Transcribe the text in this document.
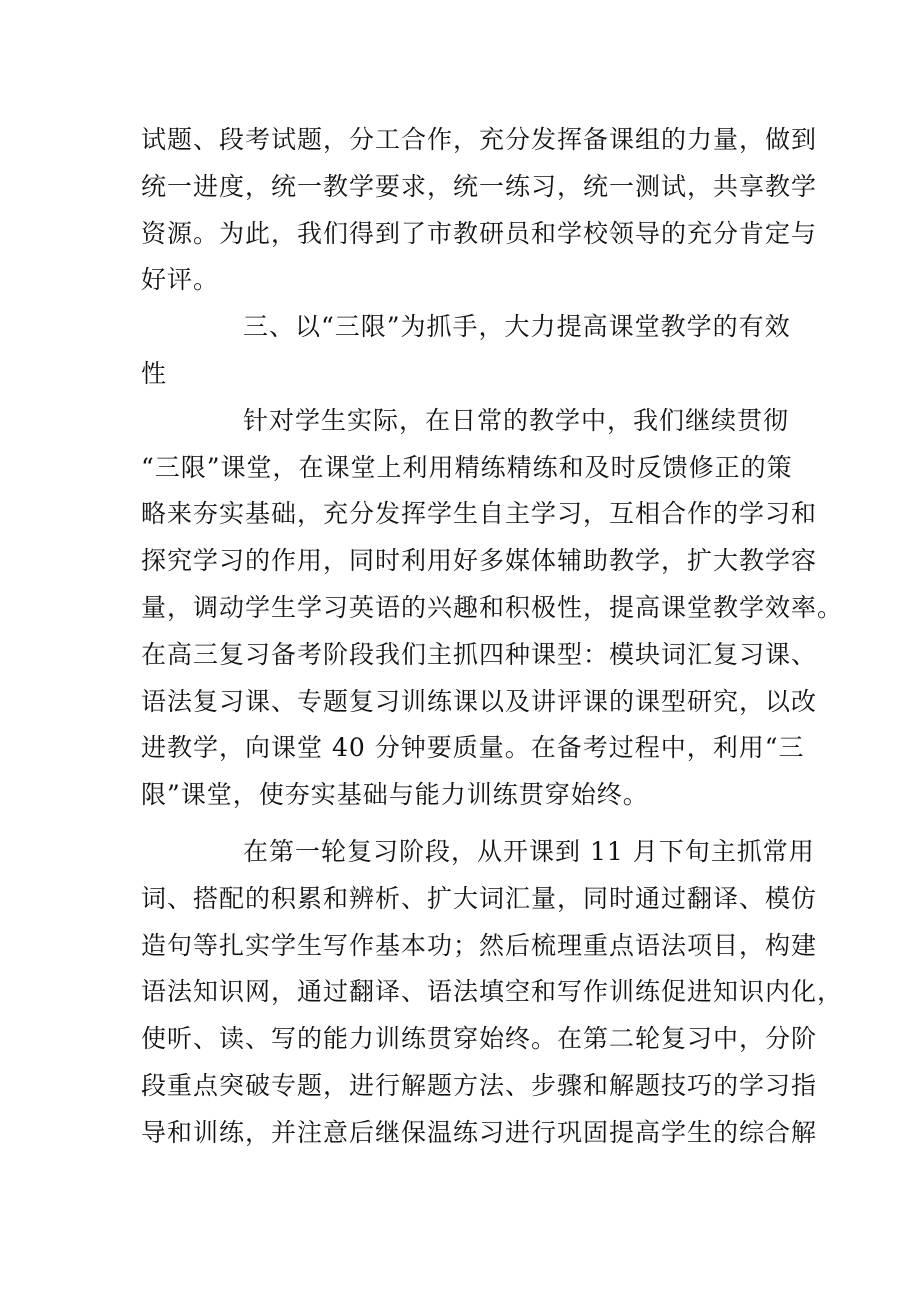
试题、段考试题，分工合作，充分发挥备课组的力量，做到
统一进度，统一教学要求，统一练习，统一测试，共享教学
资源。为此，我们得到了市教研员和学校领导的充分肯定与
好评。
三、以“三限”为抓手，大力提高课堂教学的有效
性
针对学生实际，在日常的教学中，我们继续贯彻
“三限”课堂，在课堂上利用精练精练和及时反馈修正的策
略来夯实基础，充分发挥学生自主学习，互相合作的学习和
探究学习的作用，同时利用好多媒体辅助教学，扩大教学容
量，调动学生学习英语的兴趣和积极性，提高课堂教学效率。
在高三复习备考阶段我们主抓四种课型：模块词汇复习课、
语法复习课、专题复习训练课以及讲评课的课型研究，以改
进教学，向课堂 40 分钟要质量。在备考过程中，利用“三
限”课堂，使夯实基础与能力训练贯穿始终。
在第一轮复习阶段，从开课到 11 月下旬主抓常用
词、搭配的积累和辨析、扩大词汇量，同时通过翻译、模仿
造句等扎实学生写作基本功；然后梳理重点语法项目，构建
语法知识网，通过翻译、语法填空和写作训练促进知识内化，
使听、读、写的能力训练贯穿始终。在第二轮复习中，分阶
段重点突破专题，进行解题方法、步骤和解题技巧的学习指
导和训练，并注意后继保温练习进行巩固提高学生的综合解
